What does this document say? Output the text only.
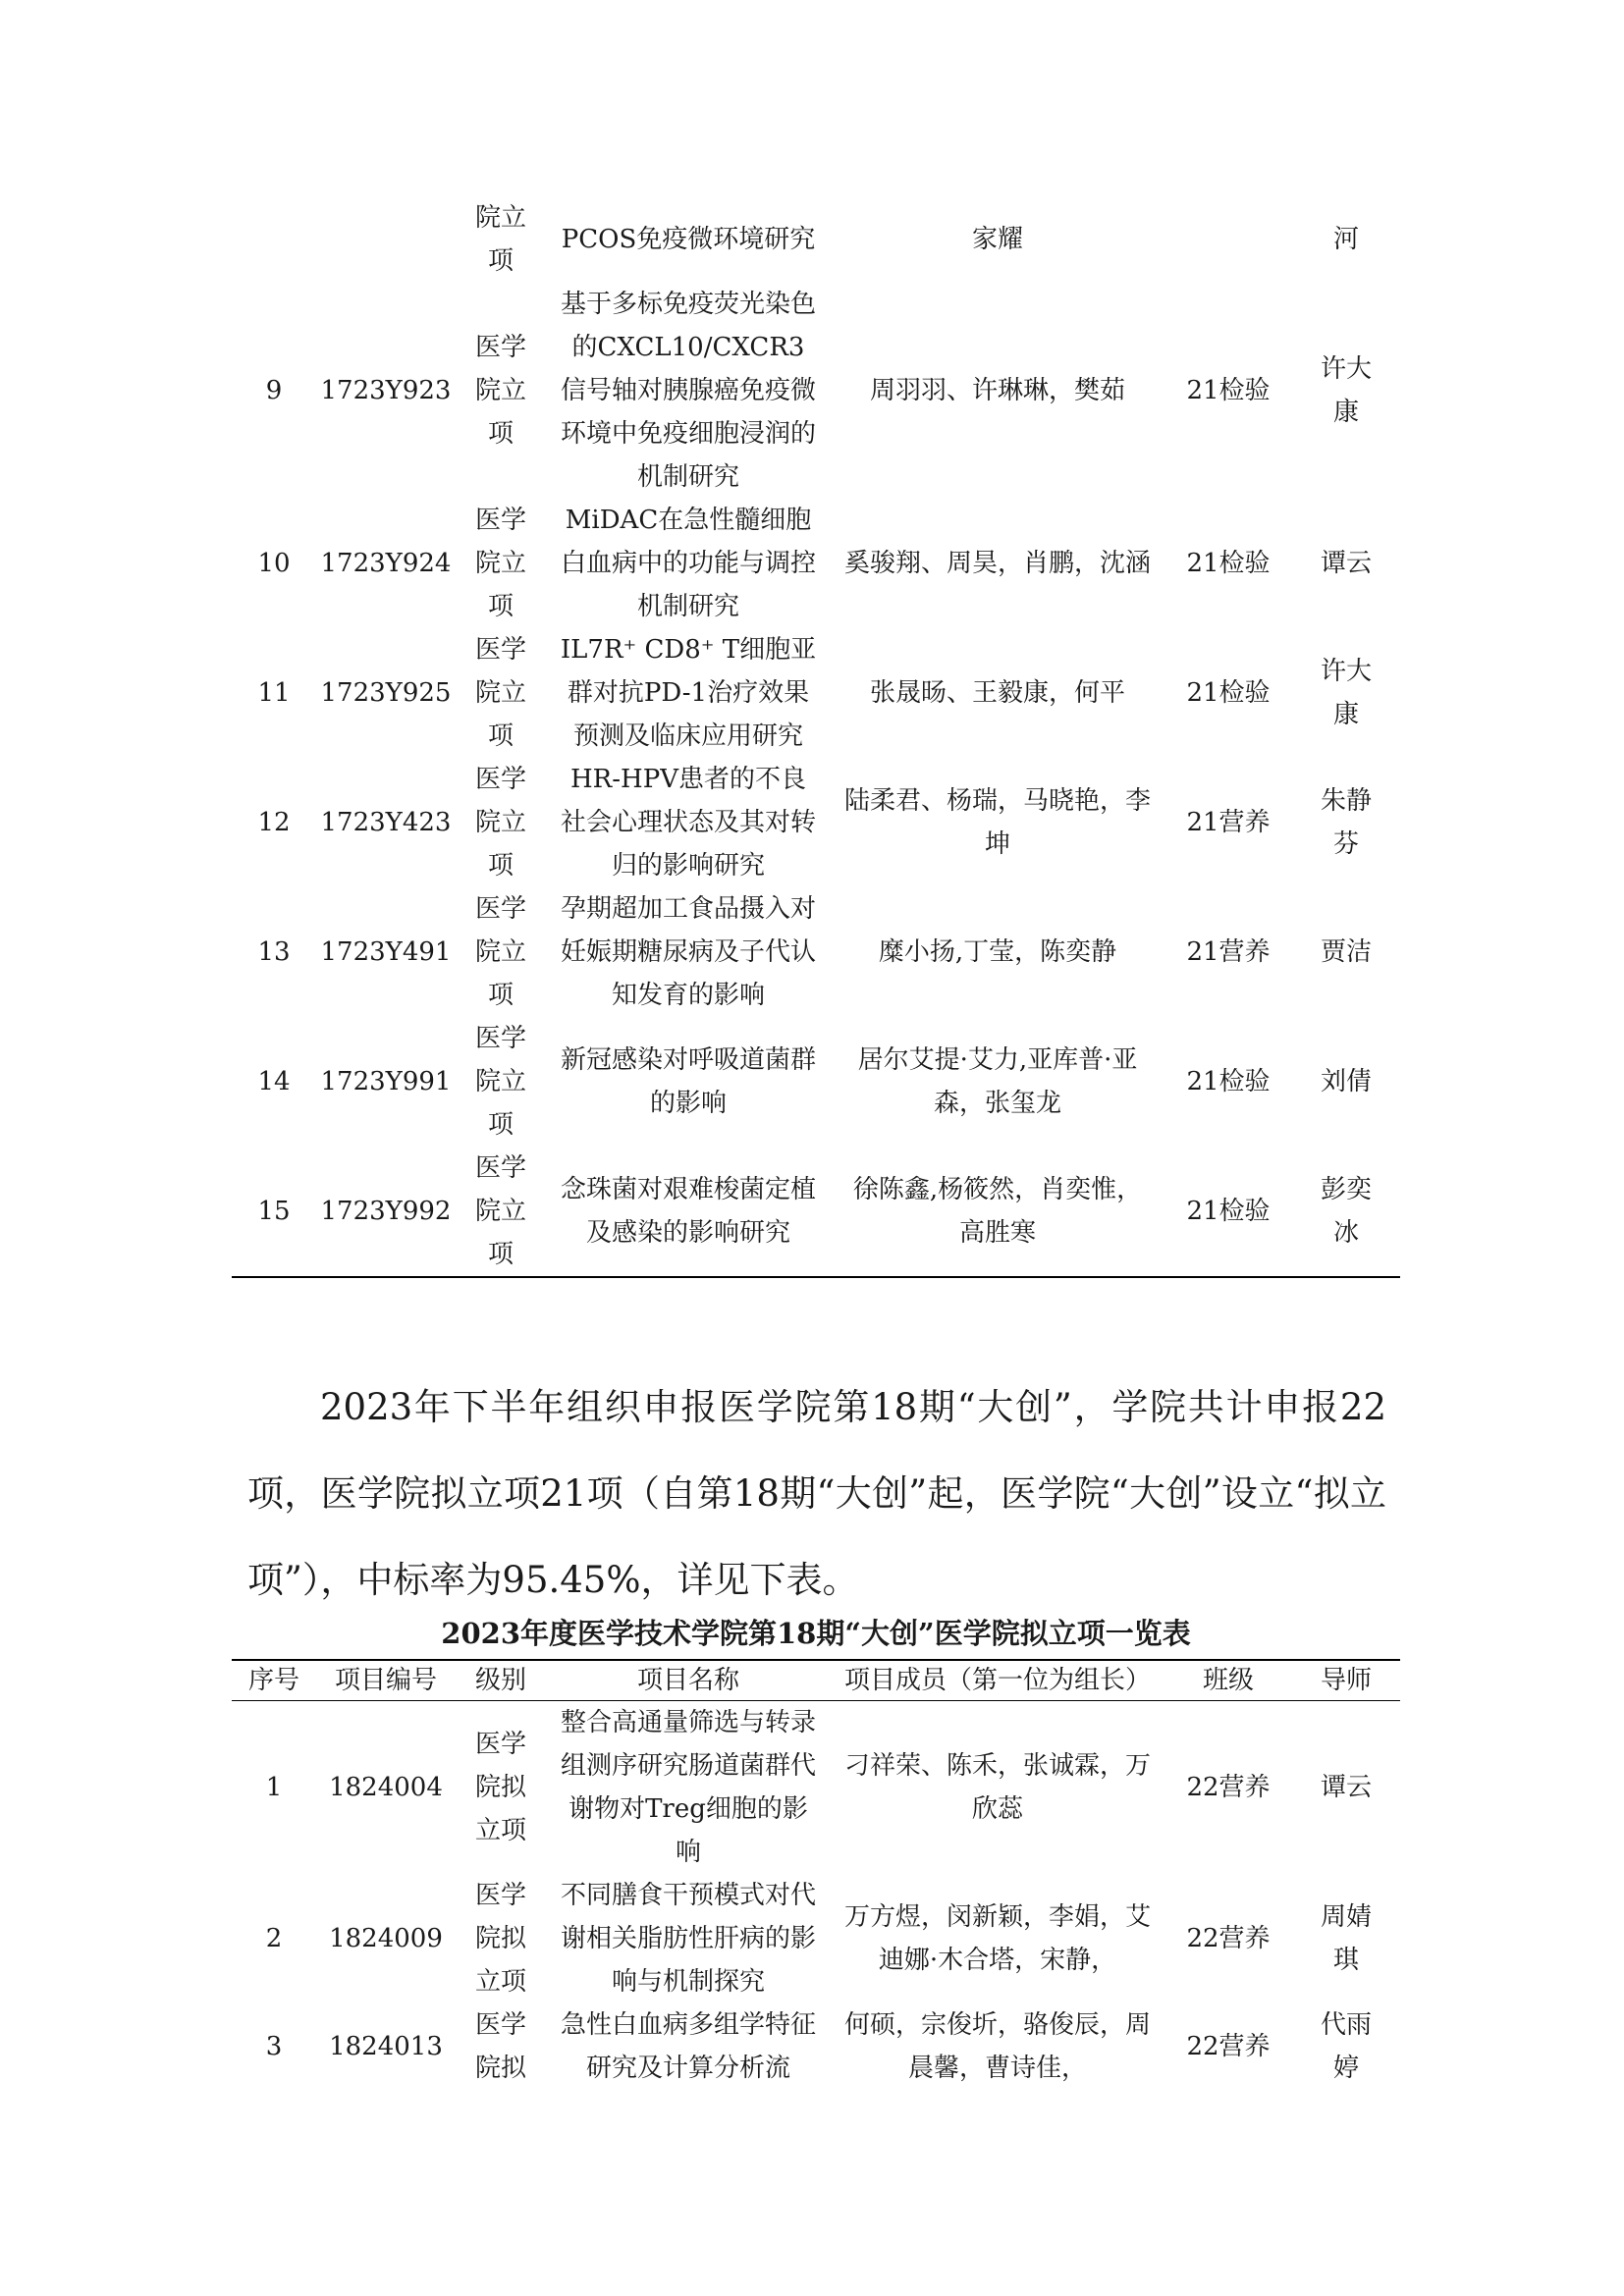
		院立项	PCOS免疫微环境研究	家耀		河

9	1723Y923	医学院立项	基于多标免疫荧光染色的CXCL10/CXCR3信号轴对胰腺癌免疫微环境中免疫细胞浸润的机制研究	周羽羽、许琳琳，樊茹	21检验	许大康

10	1723Y924	医学院立项	MiDAC在急性髓细胞白血病中的功能与调控机制研究	奚骏翔、周昊，肖鹏，沈涵	21检验	谭云

11	1723Y925	医学院立项	IL7R⁺ CD8⁺ T细胞亚群对抗PD-1治疗效果预测及临床应用研究	张晟旸、王毅康，何平	21检验	许大康

12	1723Y423	医学院立项	HR-HPV患者的不良社会心理状态及其对转归的影响研究	陆柔君、杨瑞，马晓艳，李坤	21营养	朱静芬

13	1723Y491	医学院立项	孕期超加工食品摄入对妊娠期糖尿病及子代认知发育的影响	糜小扬,丁莹，陈奕静	21营养	贾洁

14	1723Y991	医学院立项	新冠感染对呼吸道菌群的影响	居尔艾提·艾力,亚库普·亚森，张玺龙	21检验	刘倩

15	1723Y992	医学院立项	念珠菌对艰难梭菌定植及感染的影响研究	徐陈鑫,杨筱然，肖奕惟，高胜寒	21检验	彭奕冰

2023年下半年组织申报医学院第18期“大创”，学院共计申报22项，医学院拟立项21项（自第18期“大创”起，医学院“大创”设立“拟立项”），中标率为95.45%，详见下表。

2023年度医学技术学院第18期“大创”医学院拟立项一览表

序号	项目编号	级别	项目名称	项目成员（第一位为组长）	班级	导师

1	1824004	医学院拟立项	整合高通量筛选与转录组测序研究肠道菌群代谢物对Treg细胞的影响	刁祥荣、陈禾，张诚霖，万欣蕊	22营养	谭云

2	1824009	医学院拟立项	不同膳食干预模式对代谢相关脂肪性肝病的影响与机制探究	万方煜，闵新颖，李娟，艾迪娜·木合塔，宋静，	22营养	周婧琪

3	1824013	医学院拟	急性白血病多组学特征研究及计算分析流	何硕，宗俊圻，骆俊辰，周晨馨，曹诗佳，	22营养	代雨婷
